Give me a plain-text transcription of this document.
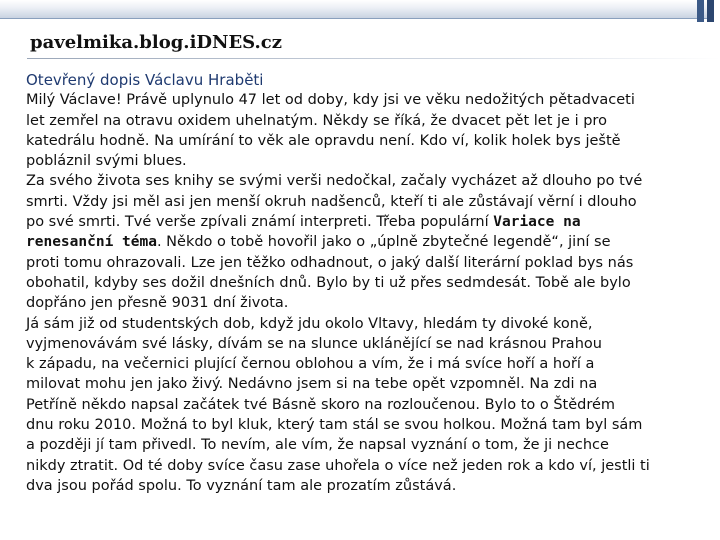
pavelmika.blog.iDNES.cz
Otevřený dopis Václavu Hraběti
Milý Václave! Právě uplynulo 47 let od doby, kdy jsi ve věku nedožitých pětadvaceti
let zemřel na otravu oxidem uhelnatým. Někdy se říká, že dvacet pět let je i pro
katedrálu hodně. Na umírání to věk ale opravdu není. Kdo ví, kolik holek bys ještě
pobláznil svými blues.
Za svého života ses knihy se svými verši nedočkal, začaly vycházet až dlouho po tvé
smrti. Vždy jsi měl asi jen menší okruh nadšenců, kteří ti ale zůstávají věrní i dlouho
po své smrti. Tvé verše zpívali známí interpreti. Třeba populární Variace na
renesanční téma. Někdo o tobě hovořil jako o „úplně zbytečné legendě“, jiní se
proti tomu ohrazovali. Lze jen těžko odhadnout, o jaký další literární poklad bys nás
obohatil, kdyby ses dožil dnešních dnů. Bylo by ti už přes sedmdesát. Tobě ale bylo
dopřáno jen přesně 9031 dní života.
Já sám již od studentských dob, když jdu okolo Vltavy, hledám ty divoké koně,
vyjmenovávám své lásky, dívám se na slunce uklánějící se nad krásnou Prahou
k západu, na večernici plující černou oblohou a vím, že i má svíce hoří a hoří a
milovat mohu jen jako živý. Nedávno jsem si na tebe opět vzpomněl. Na zdi na
Petříně někdo napsal začátek tvé Básně skoro na rozloučenou. Bylo to o Štědrém
dnu roku 2010. Možná to byl kluk, který tam stál se svou holkou. Možná tam byl sám
a později jí tam přivedl. To nevím, ale vím, že napsal vyznání o tom, že ji nechce
nikdy ztratit. Od té doby svíce času zase uhořela o více než jeden rok a kdo ví, jestli ti
dva jsou pořád spolu. To vyznání tam ale prozatím zůstává.
